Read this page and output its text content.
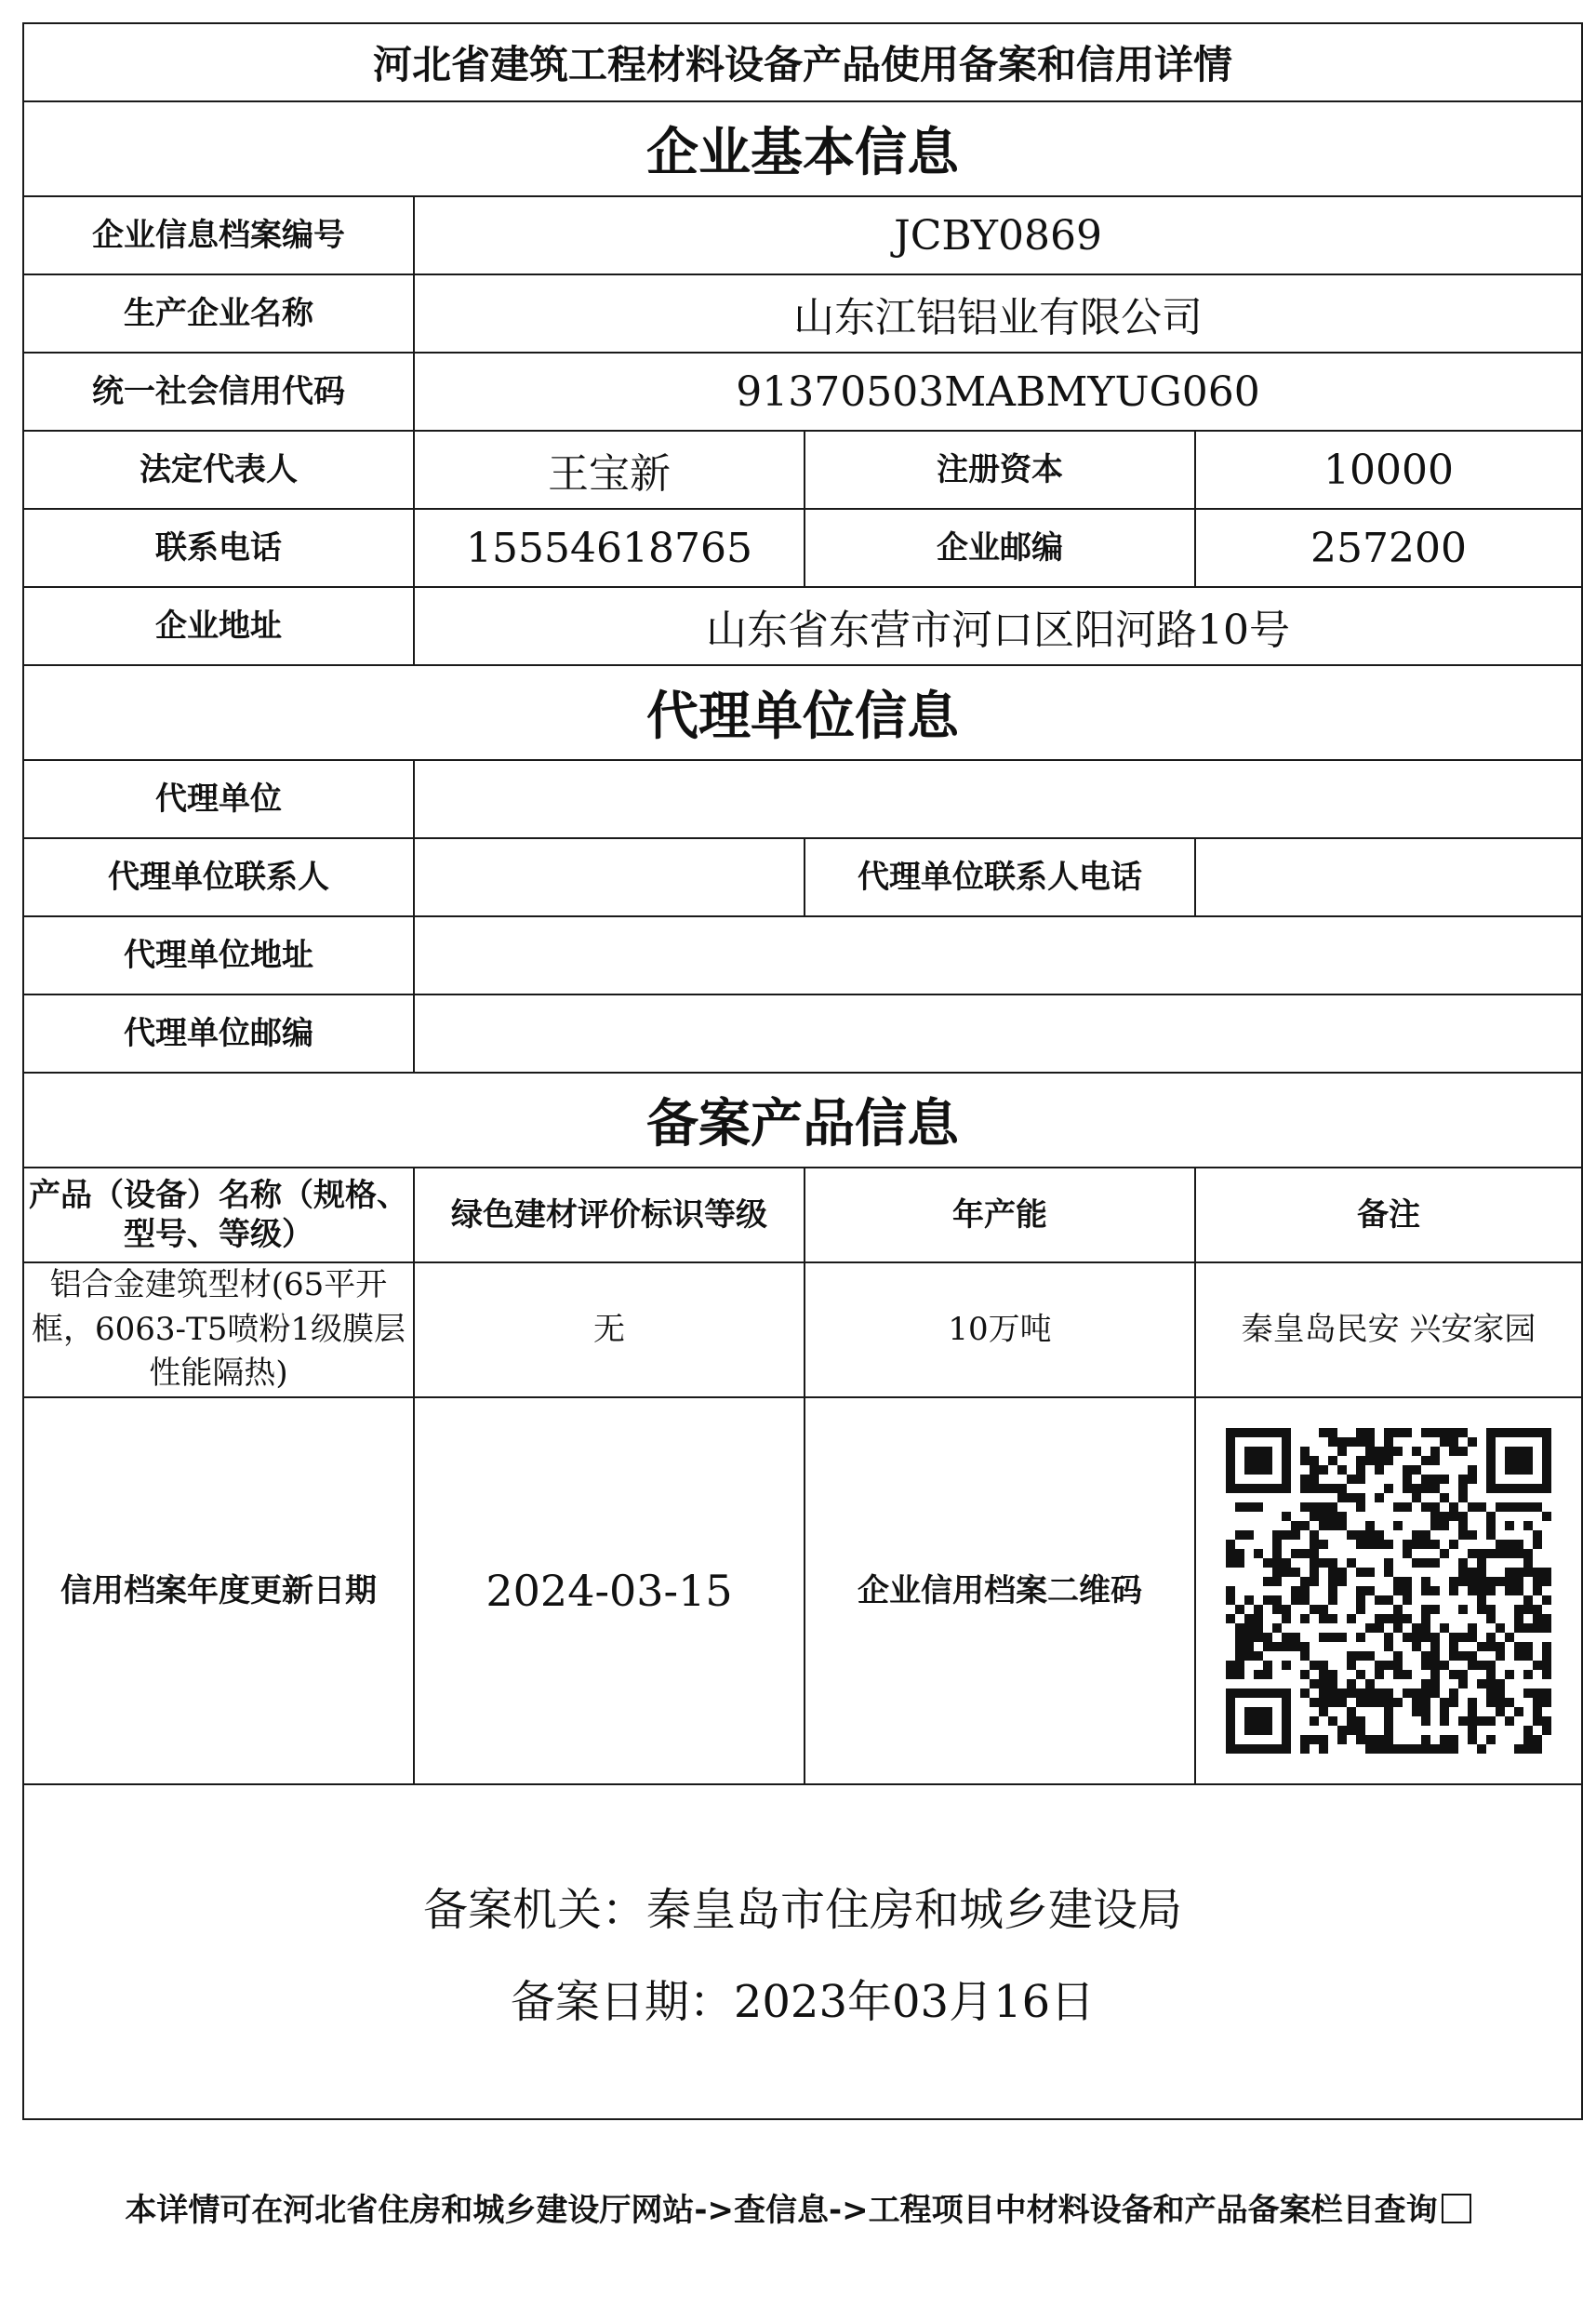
河北省建筑工程材料设备产品使用备案和信用详情			
企业基本信息			
企业信息档案编号	JCBY0869		
生产企业名称	山东江铝铝业有限公司		
统一社会信用代码	91370503MABMYUG060		
法定代表人	王宝新	注册资本	10000
联系电话	15554618765	企业邮编	257200
企业地址	山东省东营市河口区阳河路10号		
代理单位信息			
代理单位			
代理单位联系人		代理单位联系人电话	
代理单位地址			
代理单位邮编			
备案产品信息			
产品（设备）名称（规格、型号、等级）	绿色建材评价标识等级	年产能	备注
铝合金建筑型材(65平开框，6063-T5喷粉1级膜层性能隔热)	无	10万吨	秦皇岛民安 兴安家园
信用档案年度更新日期	2024-03-15	企业信用档案二维码	

备案机关：秦皇岛市住房和城乡建设局
备案日期：2023年03月16日			
本详情可在河北省住房和城乡建设厅网站->查信息->工程项目中材料设备和产品备案栏目查询
